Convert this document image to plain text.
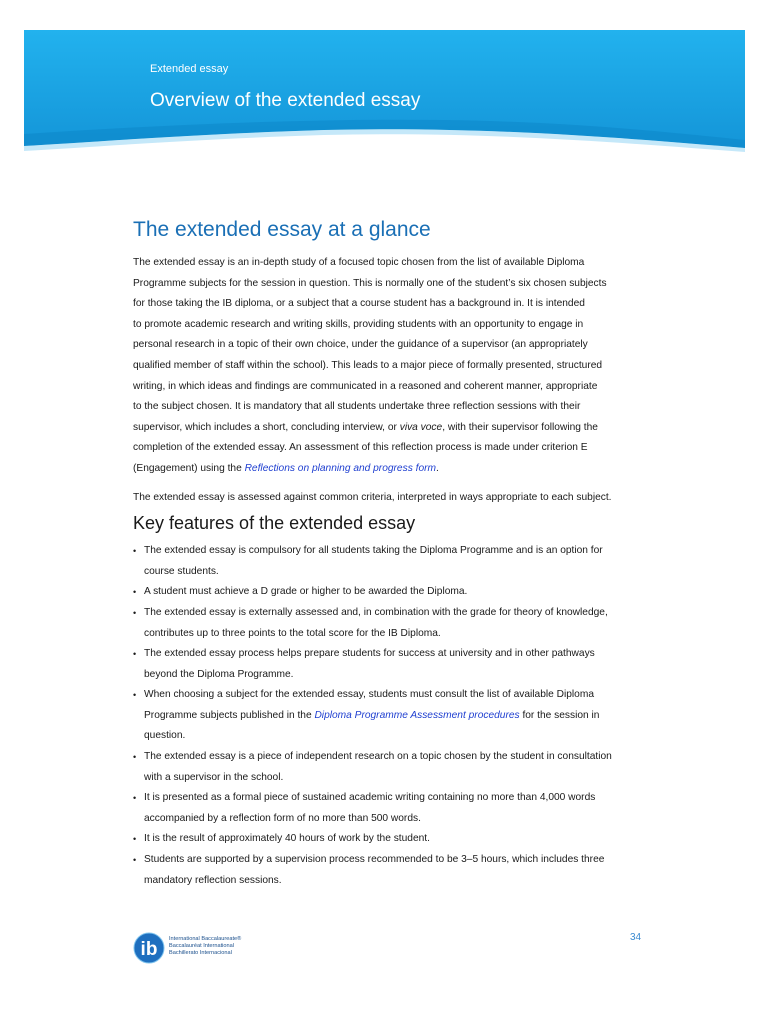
Extended essay
Overview of the extended essay
The extended essay at a glance

The extended essay is an in-depth study of a focused topic chosen from the list of available Diploma
Programme subjects for the session in question. This is normally one of the student’s six chosen subjects
for those taking the IB diploma, or a subject that a course student has a background in. It is intended
to promote academic research and writing skills, providing students with an opportunity to engage in
personal research in a topic of their own choice, under the guidance of a supervisor (an appropriately
qualified member of staff within the school). This leads to a major piece of formally presented, structured
writing, in which ideas and findings are communicated in a reasoned and coherent manner, appropriate
to the subject chosen. It is mandatory that all students undertake three reflection sessions with their
supervisor, which includes a short, concluding interview, or viva voce, with their supervisor following the
completion of the extended essay. An assessment of this reflection process is made under criterion E
(Engagement) using the Reflections on planning and progress form.

The extended essay is assessed against common criteria, interpreted in ways appropriate to each subject.

Key features of the extended essay
• The extended essay is compulsory for all students taking the Diploma Programme and is an option for
course students.
• A student must achieve a D grade or higher to be awarded the Diploma.
• The extended essay is externally assessed and, in combination with the grade for theory of knowledge,
contributes up to three points to the total score for the IB Diploma.
• The extended essay process helps prepare students for success at university and in other pathways
beyond the Diploma Programme.
• When choosing a subject for the extended essay, students must consult the list of available Diploma
Programme subjects published in the Diploma Programme Assessment procedures for the session in
question.
• The extended essay is a piece of independent research on a topic chosen by the student in consultation
with a supervisor in the school.
• It is presented as a formal piece of sustained academic writing containing no more than 4,000 words
accompanied by a reflection form of no more than 500 words.
• It is the result of approximately 40 hours of work by the student.
• Students are supported by a supervision process recommended to be 3–5 hours, which includes three
mandatory reflection sessions.
ib International Baccalaureate®
Baccalauréat International
Bachillerato Internacional
34
